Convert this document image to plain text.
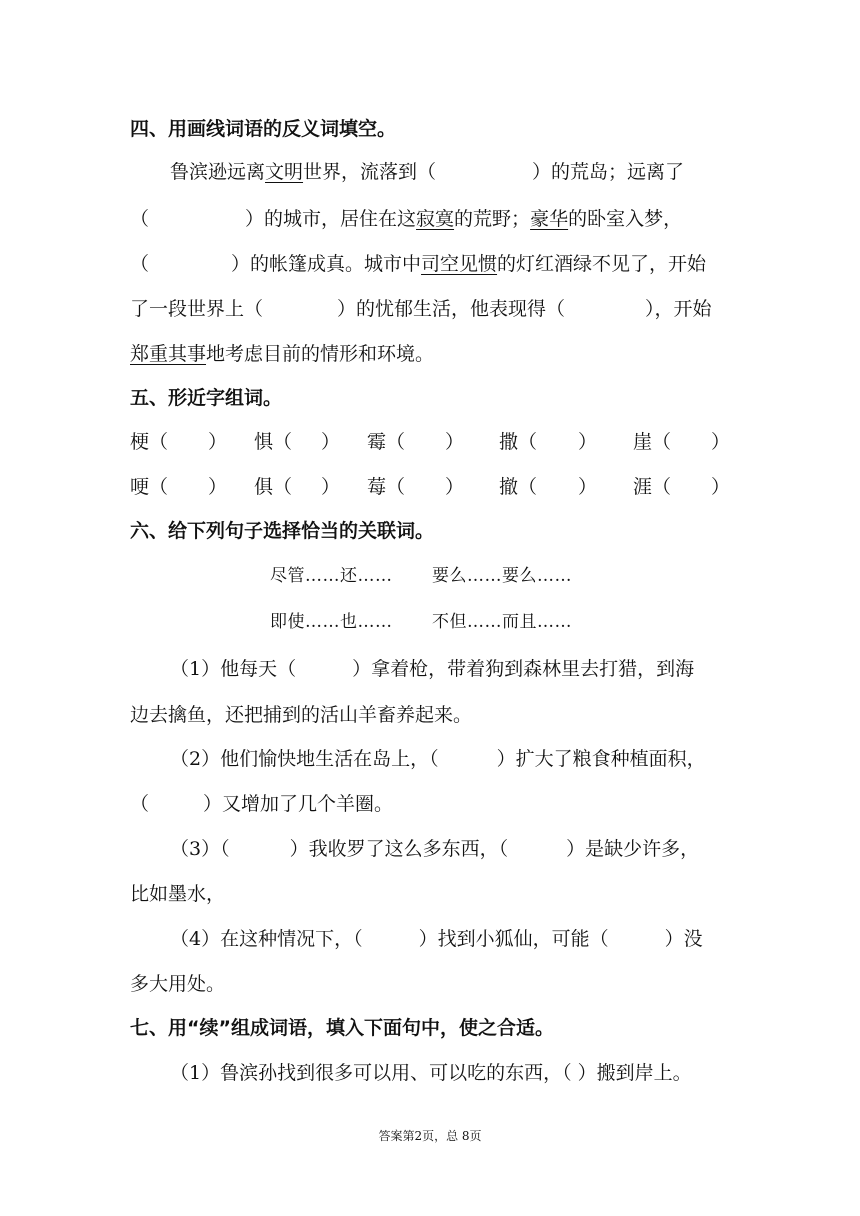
四、用画线词语的反义词填空。
鲁滨逊远离文明世界，流落到（	）的荒岛；远离了
（	）的城市，居住在这寂寞的荒野；豪华的卧室入梦，
（	）的帐篷成真。城市中司空见惯的灯红酒绿不见了，开始
了一段世界上（	）的忧郁生活，他表现得（	），开始
郑重其事地考虑目前的情形和环境。
五、形近字组词。
梗（ ） 惧（ ） 霉（ ） 撒（ ） 崖（ ）
哽（ ） 俱（ ） 莓（ ） 撤（ ） 涯（ ）
六、给下列句子选择恰当的关联词。
尽管……还…… 要么……要么……
即使……也…… 不但……而且……
（1）他每天（	）拿着枪，带着狗到森林里去打猎，到海
边去擒鱼，还把捕到的活山羊畜养起来。
（2）他们愉快地生活在岛上，（	）扩大了粮食种植面积，
（	）又增加了几个羊圈。
（3）（	）我收罗了这么多东西，（	）是缺少许多，
比如墨水，
（4）在这种情况下，（	）找到小狐仙，可能（	）没
多大用处。
七、用“续”组成词语，填入下面句中，使之合适。
（1）鲁滨孙找到很多可以用、可以吃的东西，（ ）搬到岸上。
答案第2页，总 8页
